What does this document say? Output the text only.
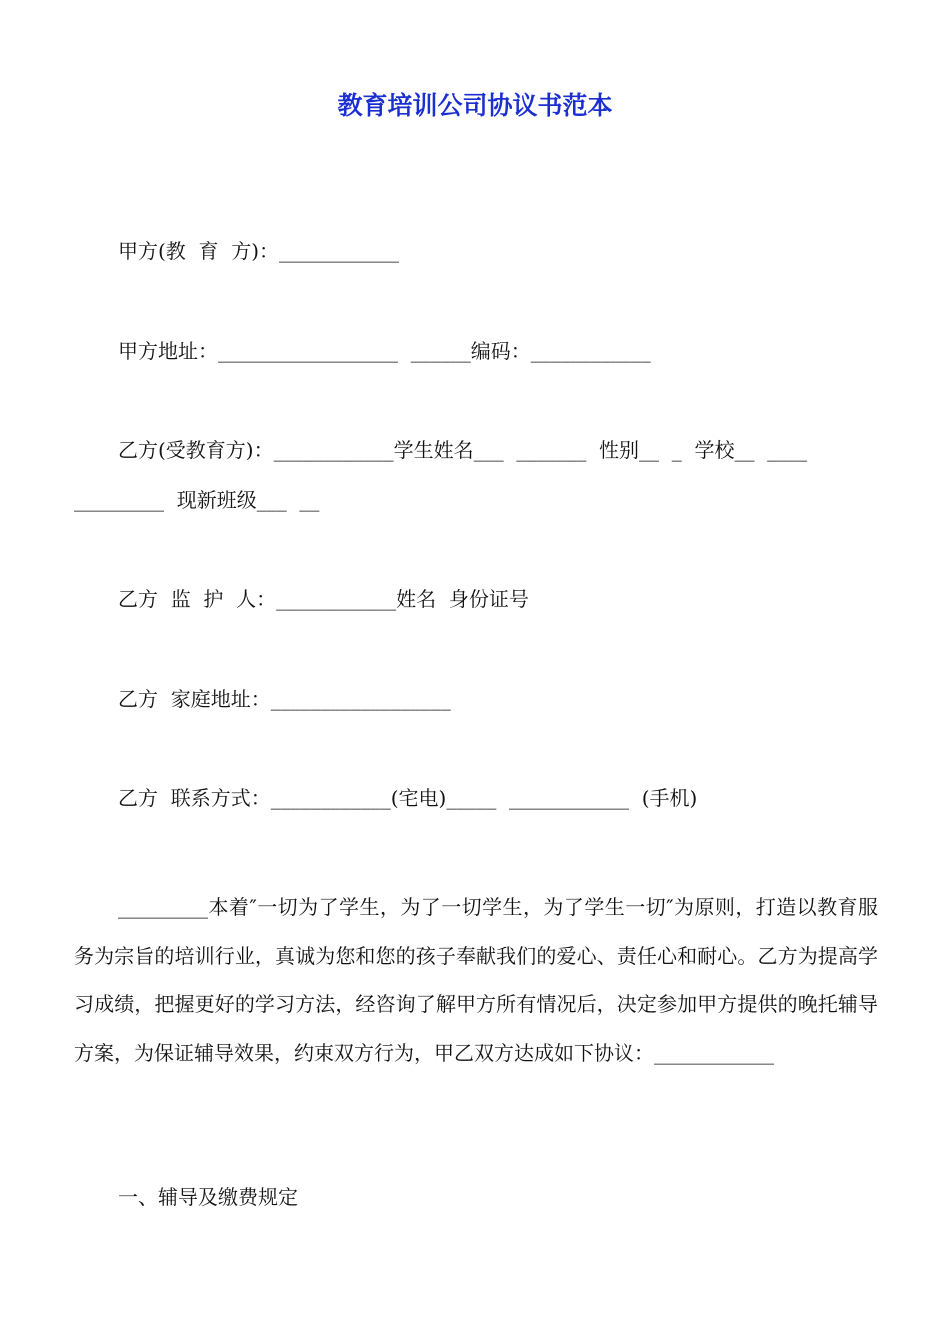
教育培训公司协议书范本
甲方(教  育  方)：____________
甲方地址：__________________  ______编码：____________
乙方(受教育方)：____________学生姓名___  _______  性别__  _  学校__  ____
_________  现新班级___  __
乙方  监  护  人：____________姓名  身份证号
乙方  家庭地址：__________________
乙方  联系方式：____________(宅电)_____  ____________  (手机)
_________本着″一切为了学生，为了一切学生，为了学生一切″为原则，打造以教育服务为宗旨的培训行业，真诚为您和您的孩子奉献我们的爱心、责任心和耐心。乙方为提高学习成绩，把握更好的学习方法，经咨询了解甲方所有情况后，决定参加甲方提供的晚托辅导方案，为保证辅导效果，约束双方行为，甲乙双方达成如下协议：____________
一、辅导及缴费规定
